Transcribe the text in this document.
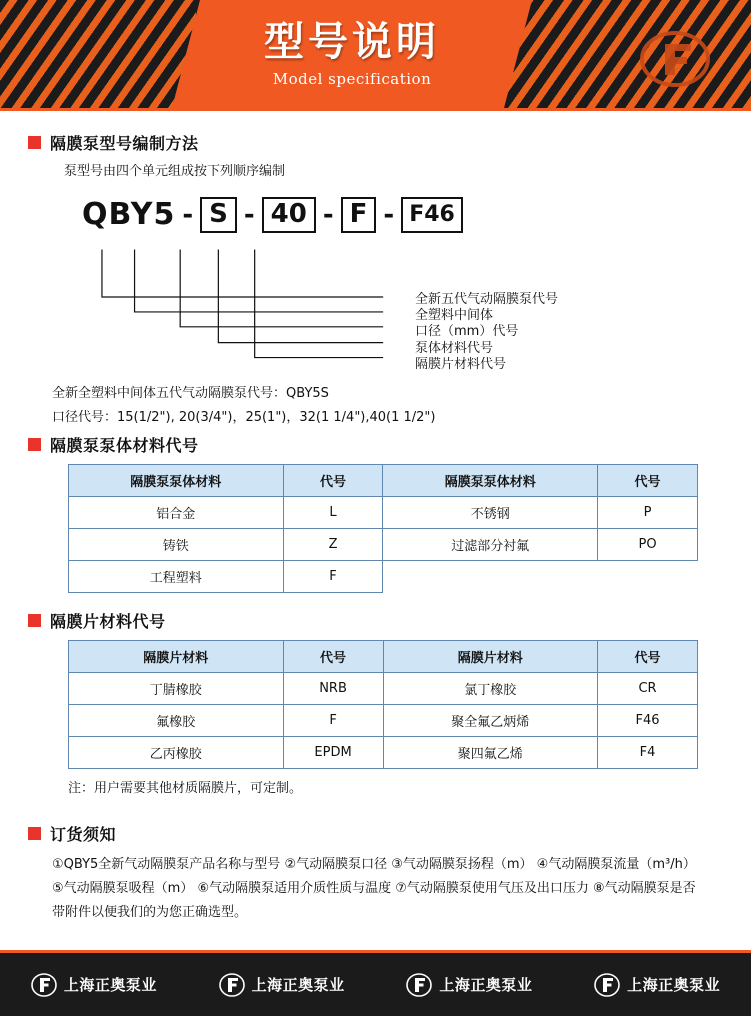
型号说明
Model specification
隔膜泵型号编制方法
泵型号由四个单元组成按下列顺序编制
QBY5 - S - 40 - F - F46
隔膜片材料代号
泵体材料代号
口径（mm）代号
全塑料中间体
全新五代气动隔膜泵代号
全新全塑料中间体五代气动隔膜泵代号：QBY5S
口径代号：15(1/2"), 20(3/4")，25(1")，32(1 1/4"),40(1 1/2")
隔膜泵泵体材料代号
隔膜泵泵体材料	代号	隔膜泵泵体材料	代号
铝合金	L	不锈钢	P
铸铁	Z	过滤部分衬氟	PO
工程塑料	F		
隔膜片材料代号
隔膜片材料	代号	隔膜片材料	代号
丁腈橡胶	NRB	氯丁橡胶	CR
氟橡胶	F	聚全氟乙炳烯	F46
乙丙橡胶	EPDM	聚四氟乙烯	F4
注：用户需要其他材质隔膜片，可定制。
订货须知
①QBY5全新气动隔膜泵产品名称与型号 ②气动隔膜泵口径 ③气动隔膜泵扬程（m） ④气动隔膜泵流量（m³/h）
⑤气动隔膜泵吸程（m） ⑥气动隔膜泵适用介质性质与温度 ⑦气动隔膜泵使用气压及出口压力 ⑧气动隔膜泵是否
带附件以便我们的为您正确选型。
上海正奥泵业	上海正奥泵业	上海正奥泵业	上海正奥泵业
